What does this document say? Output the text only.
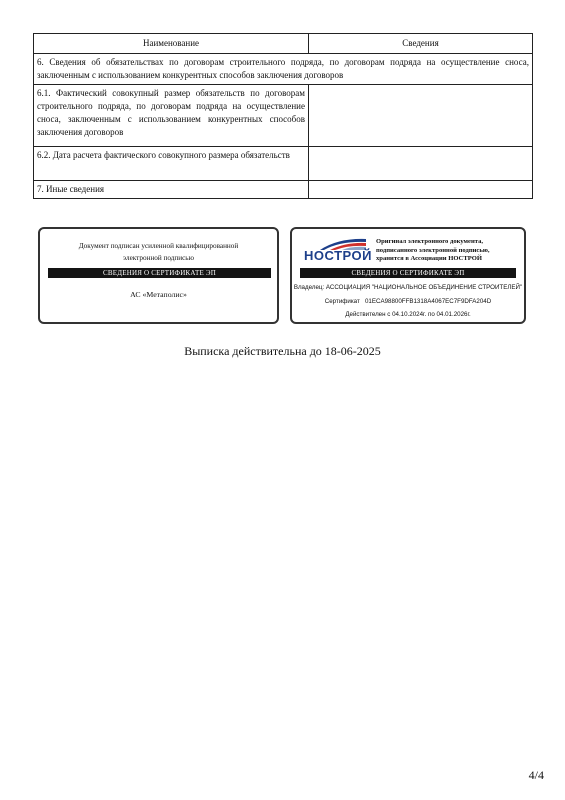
Наименование	Сведения
6. Сведения об обязательствах по договорам строительного подряда, по договорам подряда на осуществление сноса, заключенным с использованием конкурентных способов заключения договоров	
6.1. Фактический совокупный размер обязательств по договорам строительного подряда, по договорам подряда на осуществление сноса, заключенным с использованием конкурентных способов заключения договоров	
6.2. Дата расчета фактического совокупного размера обязательств	
7. Иные сведения	
Документ подписан усиленной квалифицированной
электронной подписью
СВЕДЕНИЯ О СЕРТИФИКАТЕ ЭП
АС «Метаполис»
НОСТРОЙ
Оригинал электронного документа,
подписанного электронной подписью,
хранится в Ассоциации НОСТРОЙ
СВЕДЕНИЯ О СЕРТИФИКАТЕ ЭП
Владелец: АССОЦИАЦИЯ "НАЦИОНАЛЬНОЕ ОБЪЕДИНЕНИЕ СТРОИТЕЛЕЙ"
Сертификат 01ECA98800FFB1318A4067EC7F9DFA204D
Действителен с 04.10.2024г. по 04.01.2026г.
Выписка действительна до 18-06-2025
4/4
